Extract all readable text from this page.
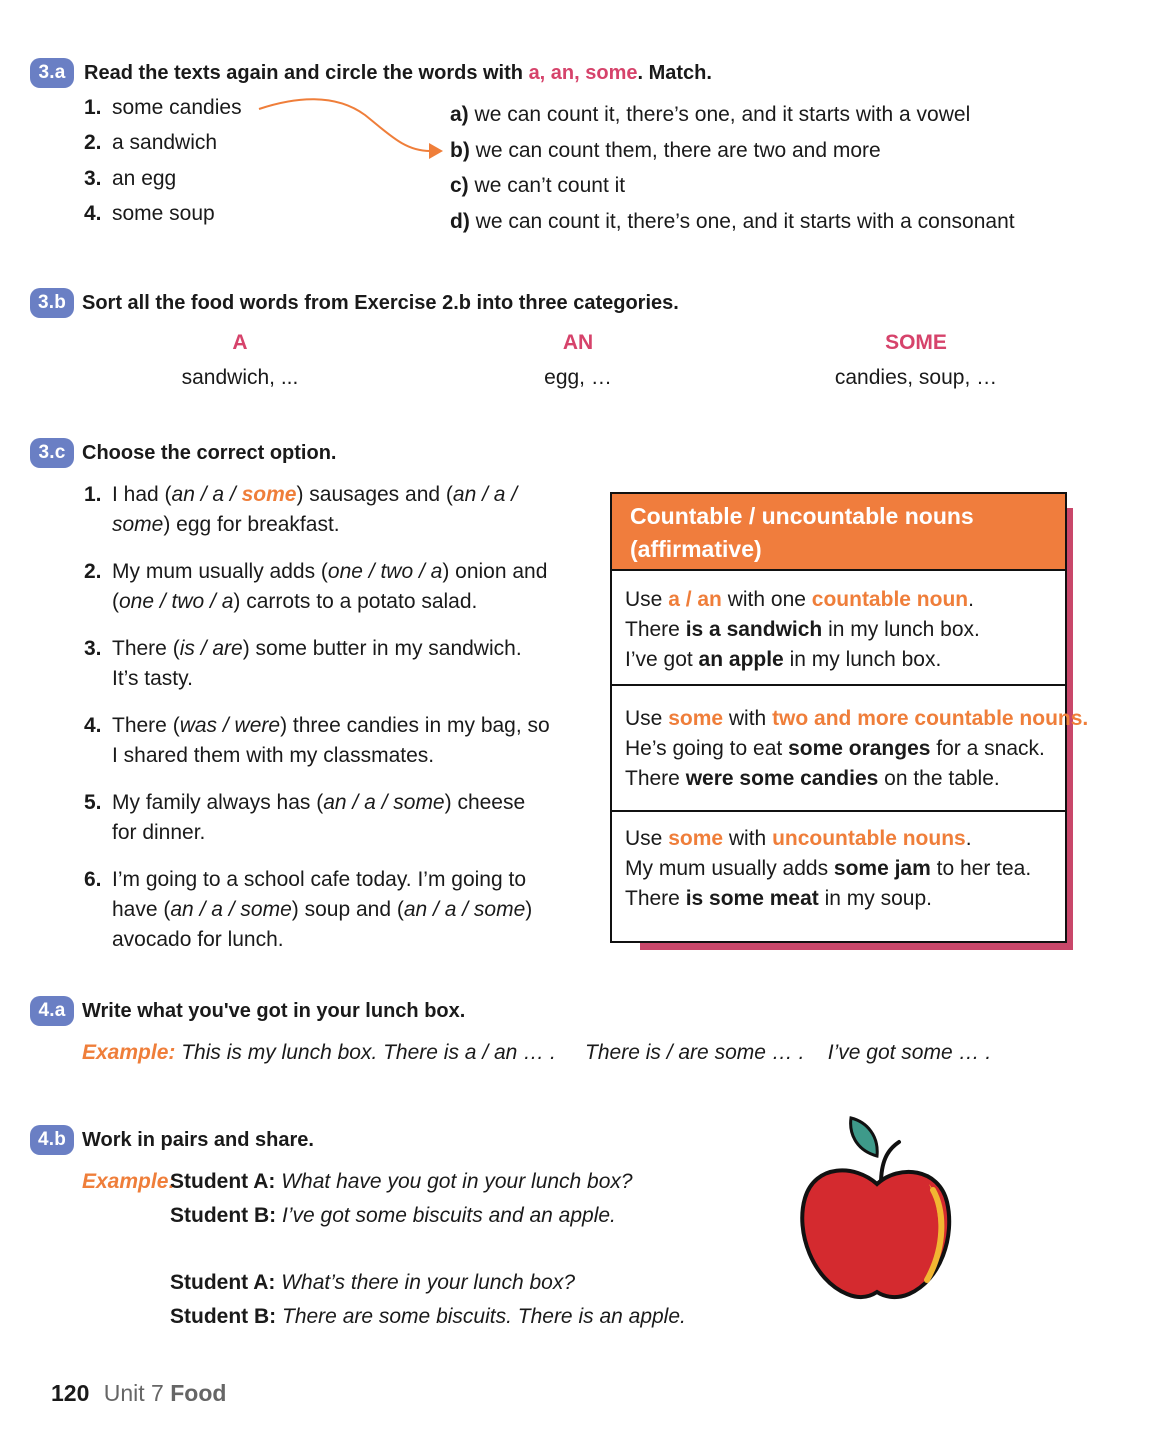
3.a Read the texts again and circle the words with a, an, some. Match.
1. some candies
2. a sandwich
3. an egg
4. some soup
a) we can count it, there’s one, and it starts with a vowel
b) we can count them, there are two and more
c) we can’t count it
d) we can count it, there’s one, and it starts with a consonant
3.b Sort all the food words from Exercise 2.b into three categories.
A
sandwich, ...
AN
egg, …
SOME
candies, soup, …
3.c Choose the correct option.
1. I had (an / a / some) sausages and (an / a /
some) egg for breakfast.
2. My mum usually adds (one / two / a) onion and
(one / two / a) carrots to a potato salad.
3. There (is / are) some butter in my sandwich.
It’s tasty.
4. There (was / were) three candies in my bag, so
I shared them with my classmates.
5. My family always has (an / a / some) cheese
for dinner.
6. I’m going to a school cafe today. I’m going to
have (an / a / some) soup and (an / a / some)
avocado for lunch.
Countable / uncountable nouns
(affirmative)
Use a / an with one countable noun.
There is a sandwich in my lunch box.
I’ve got an apple in my lunch box.
Use some with two and more countable nouns.
He’s going to eat some oranges for a snack.
There were some candies on the table.
Use some with uncountable nouns.
My mum usually adds some jam to her tea.
There is some meat in my soup.
4.a Write what you've got in your lunch box.
Example: This is my lunch box. There is a / an … .     There is / are some … .    I’ve got some … .
4.b Work in pairs and share.
Example:
Student A: What have you got in your lunch box?
Student B: I’ve got some biscuits and an apple.
Student A: What’s there in your lunch box?
Student B: There are some biscuits. There is an apple.
120 Unit 7 Food
